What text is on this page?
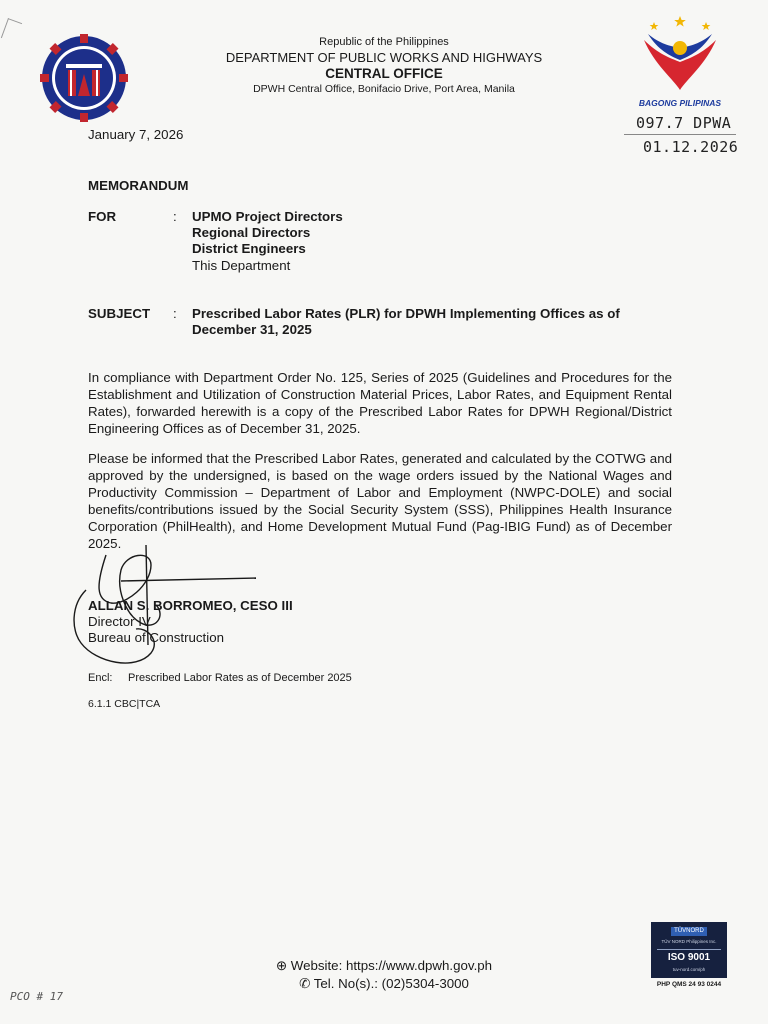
Republic of the Philippines
DEPARTMENT OF PUBLIC WORKS AND HIGHWAYS
CENTRAL OFFICE
DPWH Central Office, Bonifacio Drive, Port Area, Manila
BAGONG PILIPINAS
097.7 DPWA
01.12.2026
January 7, 2026
MEMORANDUM
FOR	: UPMO Project Directors
Regional Directors
District Engineers
This Department
SUBJECT : Prescribed Labor Rates (PLR) for DPWH Implementing Offices as of
December 31, 2025
In compliance with Department Order No. 125, Series of 2025 (Guidelines and Procedures for the Establishment and Utilization of Construction Material Prices, Labor Rates, and Equipment Rental Rates), forwarded herewith is a copy of the Prescribed Labor Rates for DPWH Regional/District Engineering Offices as of December 31, 2025.
Please be informed that the Prescribed Labor Rates, generated and calculated by the COTWG and approved by the undersigned, is based on the wage orders issued by the National Wages and Productivity Commission – Department of Labor and Employment (NWPC-DOLE) and social benefits/contributions issued by the Social Security System (SSS), Philippines Health Insurance Corporation (PhilHealth), and Home Development Mutual Fund (Pag-IBIG Fund) as of December 2025.
ALLAN S. BORROMEO, CESO III
Director IV
Bureau of Construction
Encl: Prescribed Labor Rates as of December 2025
6.1.1 CBC|TCA
TÜVNORD
TÜV NORD Philippines Inc.
ISO 9001
tuv-nord.com/ph
PHP QMS 24 93 0244
⊕ Website: https://www.dpwh.gov.ph
✆ Tel. No(s).: (02)5304-3000
PCO # 17
